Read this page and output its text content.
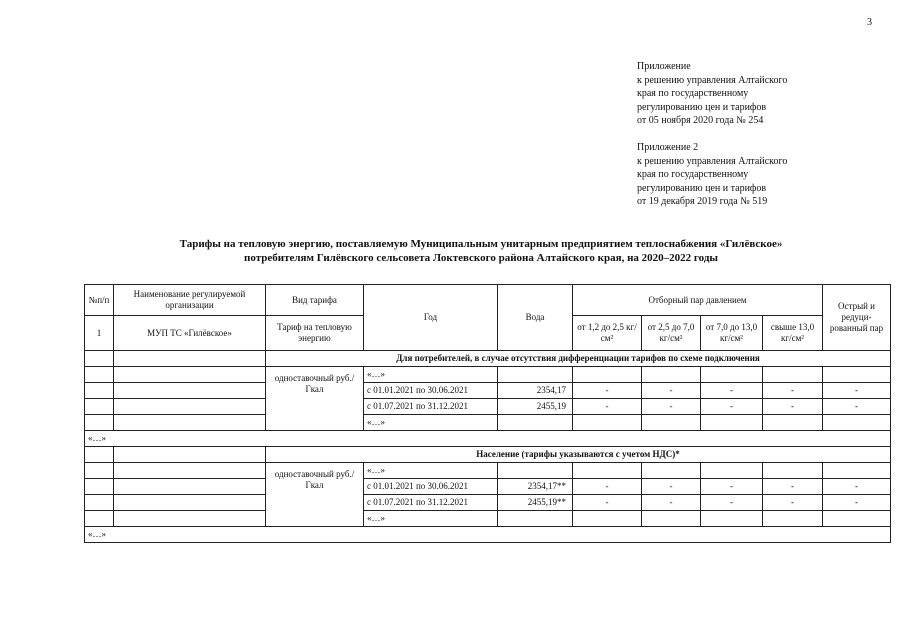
3
Приложение
к решению управления Алтайского
края по государственному
регулированию цен и тарифов
от 05 ноября 2020 года № 254
Приложение 2
к решению управления Алтайского
края по государственному
регулированию цен и тарифов
от 19 декабря 2019 года № 519
Тарифы на тепловую энергию, поставляемую Муниципальным унитарным предприятием теплоснабжения «Гилёвское»
потребителям Гилёвского сельсовета Локтевского района Алтайского края, на 2020–2022 годы
№п/п	Наименование регулируемой организации	Вид тарифа	Год	Вода	Отборный пар давлением				Острый и редуци-рованный пар

1	МУП ТС «Гилёвское»	Тариф на тепловую энергию			от 1,2 до 2,5 кг/см²	от 2,5 до 7,0 кг/см²	от 7,0 до 13,0 кг/см²	свыше 13,0 кг/см²	

		Для потребителей, в случае отсутствия дифференциации тарифов по схеме подключения							
		одноставочный руб./Гкал	«…»						
			с 01.01.2021 по 30.06.2021	2354,17	-	-	-	-	-
			с 01.07.2021 по 31.12.2021	2455,19	-	-	-	-	-
			«…»						
«…»									
		Население (тарифы указываются с учетом НДС)*							
		одноставочный руб./Гкал	«…»						
			с 01.01.2021 по 30.06.2021	2354,17**	-	-	-	-	-
			с 01.07.2021 по 31.12.2021	2455,19**	-	-	-	-	-
			«…»						
«…»									
